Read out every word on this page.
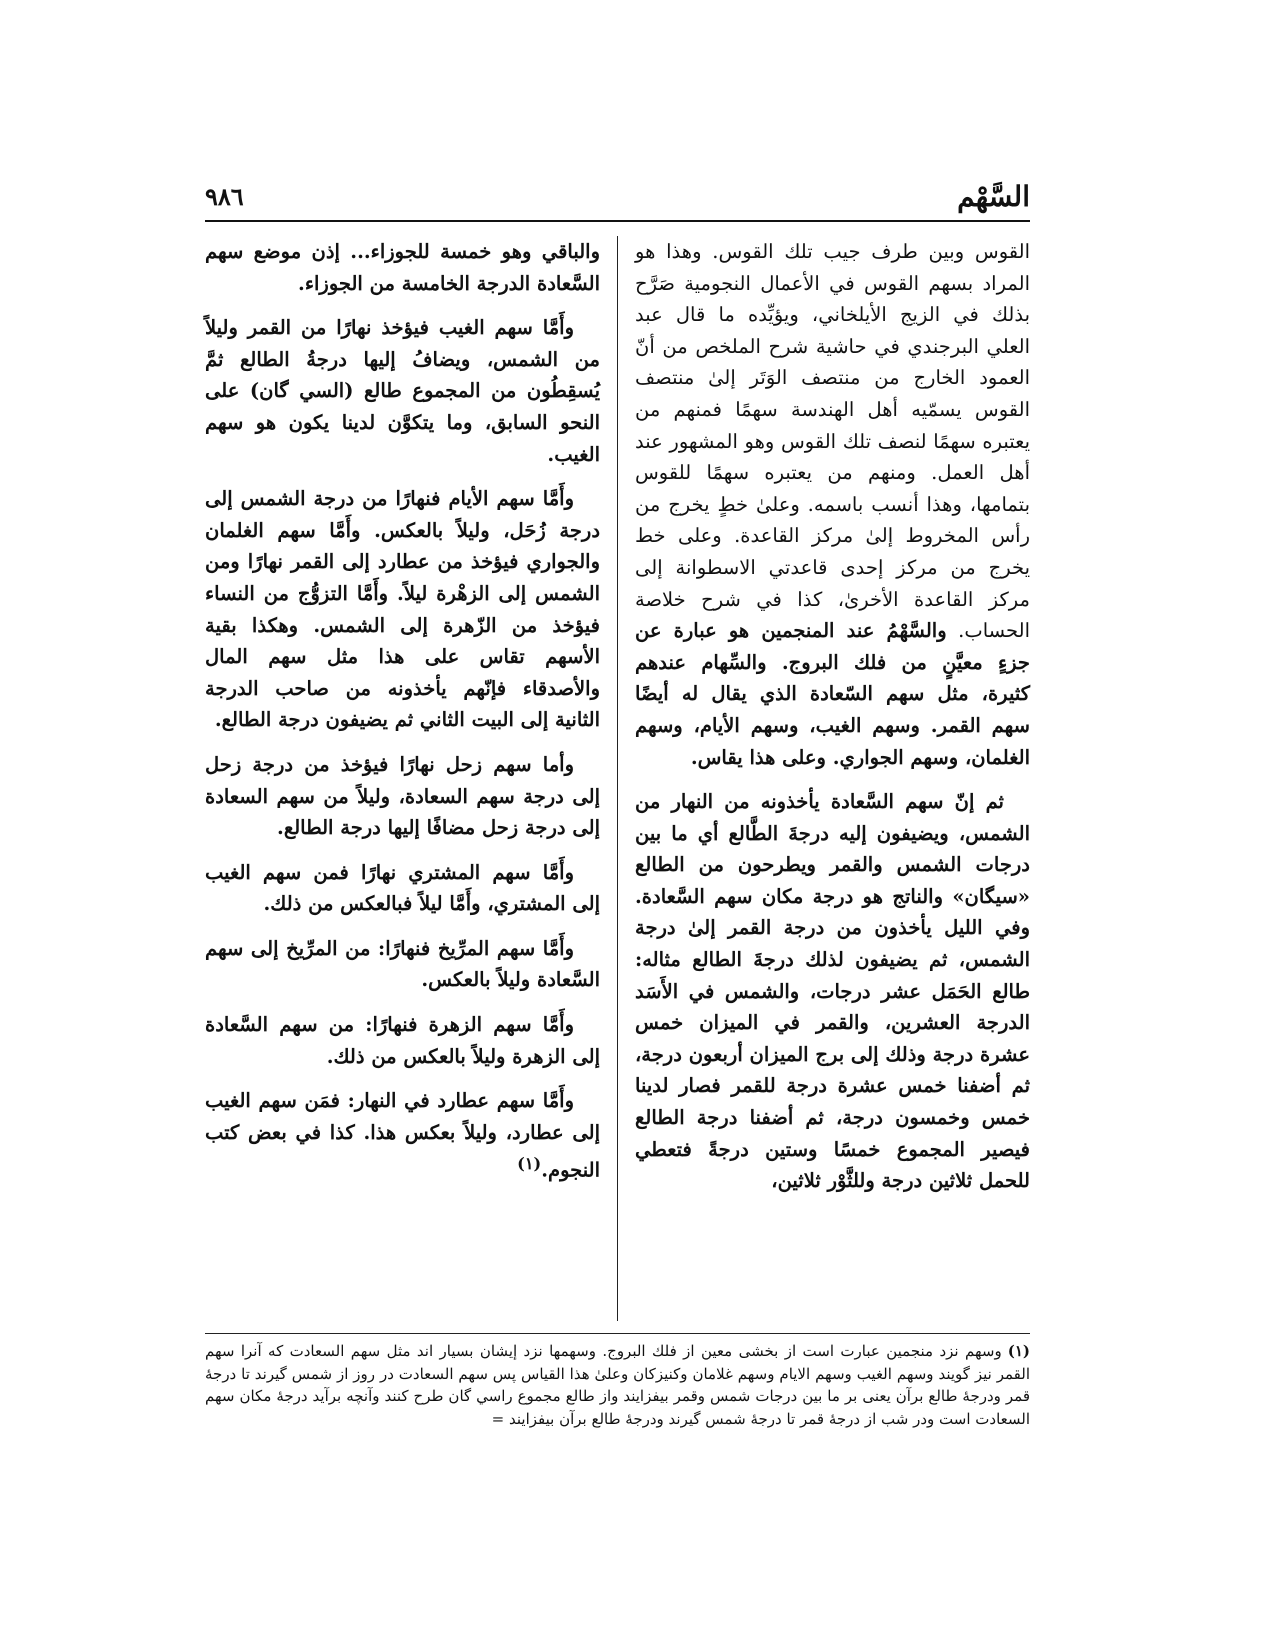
السَّهْم
٩٨٦

القوس وبين طرف جيب تلك القوس. وهذا هو المراد بسهم القوس في الأعمال النجومية صَرَّح بذلك في الزيج الأيلخاني، ويؤيِّده ما قال عبد العلي البرجندي في حاشية شرح الملخص من أنّ العمود الخارج من منتصف الوَتَر إلىٰ منتصف القوس يسمّيه أهل الهندسة سهمًا فمنهم من يعتبره سهمًا لنصف تلك القوس وهو المشهور عند أهل العمل. ومنهم من يعتبره سهمًا للقوس بتمامها، وهذا أنسب باسمه. وعلىٰ خطٍ يخرج من رأس المخروط إلىٰ مركز القاعدة. وعلى خط يخرج من مركز إحدى قاعدتي الاسطوانة إلى مركز القاعدة الأخرىٰ، كذا في شرح خلاصة الحساب. والسَّهْمُ عند المنجمين هو عبارة عن جزءٍ معيَّنٍ من فلك البروج. والسِّهام عندهم كثيرة، مثل سهم السّعادة الذي يقال له أيضًا سهم القمر. وسهم الغيب، وسهم الأيام، وسهم الغلمان، وسهم الجواري. وعلى هذا يقاس.

ثم إنّ سهم السَّعادة يأخذونه من النهار من الشمس، ويضيفون إليه درجةَ الطَّالع أي ما بين درجات الشمس والقمر ويطرحون من الطالع «سيگان» والناتج هو درجة مكان سهم السَّعادة. وفي الليل يأخذون من درجة القمر إلىٰ درجة الشمس، ثم يضيفون لذلك درجةَ الطالع مثاله: طالع الحَمَل عشر درجات، والشمس في الأَسَد الدرجة العشرين، والقمر في الميزان خمس عشرة درجة وذلك إلى برج الميزان أربعون درجة، ثم أضفنا خمس عشرة درجة للقمر فصار لدينا خمس وخمسون درجة، ثم أضفنا درجة الطالع فيصير المجموع خمسًا وستين درجةً فتعطي للحمل ثلاثين درجة وللثَّوْر ثلاثين،

والباقي وهو خمسة للجوزاء... إذن موضع سهم السَّعادة الدرجة الخامسة من الجوزاء.

وأَمَّا سهم الغيب فيؤخذ نهارًا من القمر وليلاً من الشمس، ويضافُ إليها درجةُ الطالع ثمَّ يُسقِطُون من المجموع طالع (السي گان) على النحو السابق، وما يتكوَّن لدينا يكون هو سهم الغيب.

وأَمَّا سهم الأيام فنهارًا من درجة الشمس إلى درجة زُحَل، وليلاً بالعكس. وأَمَّا سهم الغلمان والجواري فيؤخذ من عطارد إلى القمر نهارًا ومن الشمس إلى الزهْرة ليلاً. وأَمَّا التزوُّج من النساء فيؤخذ من الزّهرة إلى الشمس. وهكذا بقية الأسهم تقاس على هذا مثل سهم المال والأصدقاء فإنّهم يأخذونه من صاحب الدرجة الثانية إلى البيت الثاني ثم يضيفون درجة الطالع.

وأما سهم زحل نهارًا فيؤخذ من درجة زحل إلى درجة سهم السعادة، وليلاً من سهم السعادة إلى درجة زحل مضافًا إليها درجة الطالع.

وأَمَّا سهم المشتري نهارًا فمن سهم الغيب إلى المشتري، وأَمَّا ليلاً فبالعكس من ذلك.

وأَمَّا سهم المرِّيخ فنهارًا: من المرِّيخ إلى سهم السَّعادة وليلاً بالعكس.

وأَمَّا سهم الزهرة فنهارًا: من سهم السَّعادة إلى الزهرة وليلاً بالعكس من ذلك.

وأَمَّا سهم عطارد في النهار: فمَن سهم الغيب إلى عطارد، وليلاً بعكس هذا. كذا في بعض كتب النجوم.$^{(١)}$

(١)وسهم نزد منجمين عبارت است از بخشى معين از فلك البروج. وسهمها نزد إيشان بسيار اند مثل سهم السعادت كه آنرا سهم القمر نيز گويند وسهم الغيب وسهم الايام وسهم غلامان وكنيزكان وعلىٰ هذا القياس پس سهم السعادت در روز از شمس گيرند تا درجهٔ قمر ودرجهٔ طالع برآن يعنى بر ما بين درجات شمس وقمر بيفزايند واز طالع مجموع راسي گان طرح كنند وآنچه برآيد درجهٔ مكان سهم السعادت است ودر شب از درجهٔ قمر تا درجهٔ شمس گيرند ودرجهٔ طالع برآن بيفزايند =
